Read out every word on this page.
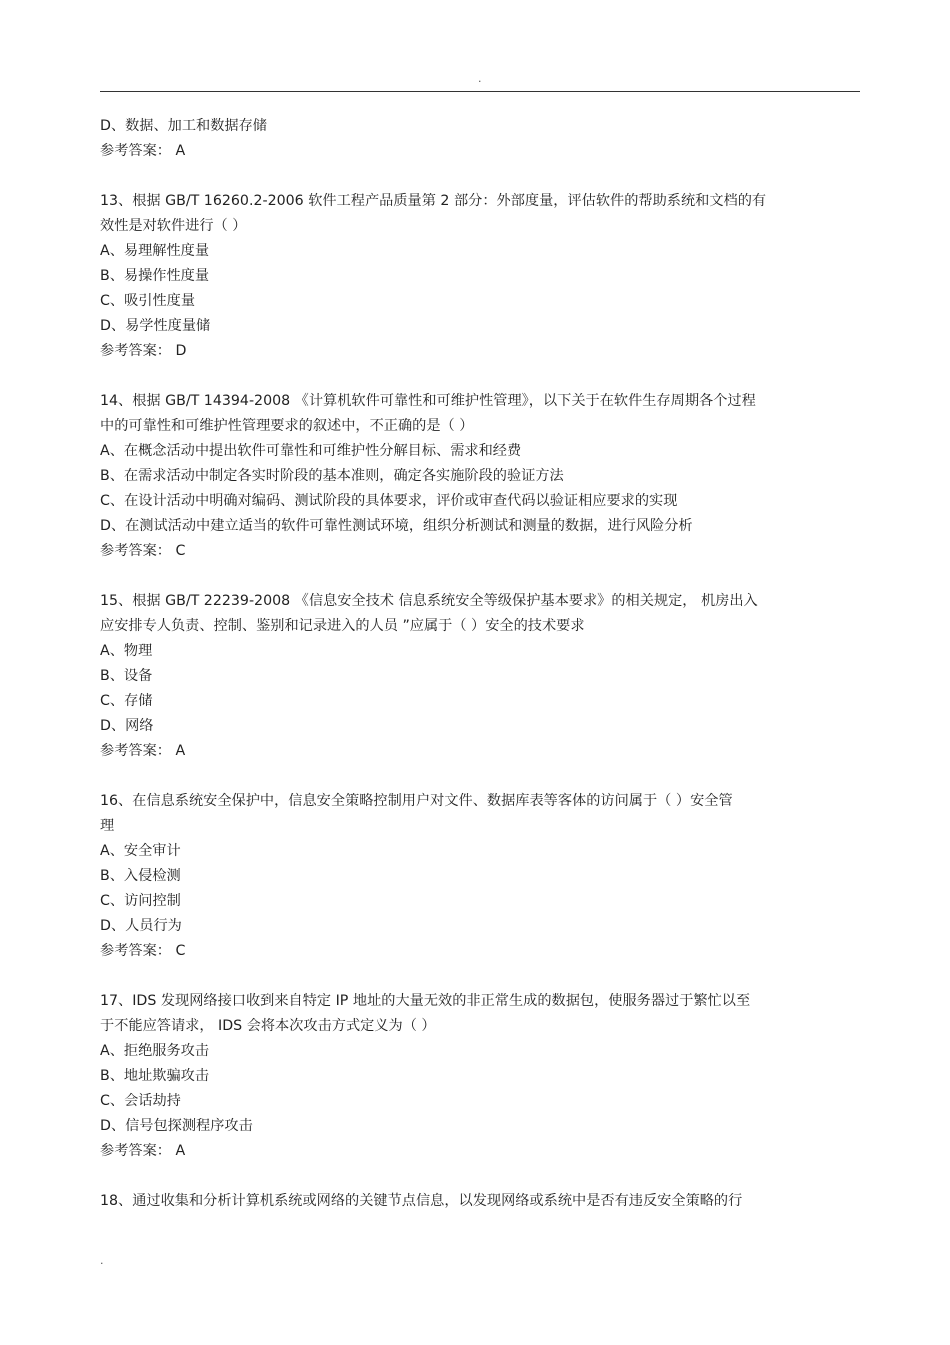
.
D、数据、加工和数据存储
参考答案： A
13、根据 GB/T 16260.2-2006 软件工程产品质量第 2 部分：外部度量，评估软件的帮助系统和文档的有
效性是对软件进行（ ）
A、易理解性度量
B、易操作性度量
C、吸引性度量
D、易学性度量储
参考答案： D
14、根据 GB/T 14394-2008 《计算机软件可靠性和可维护性管理》，以下关于在软件生存周期各个过程
中的可靠性和可维护性管理要求的叙述中，不正确的是（ ）
A、在概念活动中提出软件可靠性和可维护性分解目标、需求和经费
B、在需求活动中制定各实时阶段的基本准则，确定各实施阶段的验证方法
C、在设计活动中明确对编码、测试阶段的具体要求，评价或审查代码以验证相应要求的实现
D、在测试活动中建立适当的软件可靠性测试环境，组织分析测试和测量的数据，进行风险分析
参考答案： C
15、根据 GB/T 22239-2008 《信息安全技术 信息系统安全等级保护基本要求》的相关规定， 机房出入
应安排专人负责、控制、鉴别和记录进入的人员 ”应属于（ ）安全的技术要求
A、物理
B、设备
C、存储
D、网络
参考答案： A
16、在信息系统安全保护中，信息安全策略控制用户对文件、数据库表等客体的访问属于（ ）安全管
理
A、安全审计
B、入侵检测
C、访问控制
D、人员行为
参考答案： C
17、IDS 发现网络接口收到来自特定 IP 地址的大量无效的非正常生成的数据包，使服务器过于繁忙以至
于不能应答请求， IDS 会将本次攻击方式定义为（ ）
A、拒绝服务攻击
B、地址欺骗攻击
C、会话劫持
D、信号包探测程序攻击
参考答案： A
18、通过收集和分析计算机系统或网络的关键节点信息，以发现网络或系统中是否有违反安全策略的行
.
